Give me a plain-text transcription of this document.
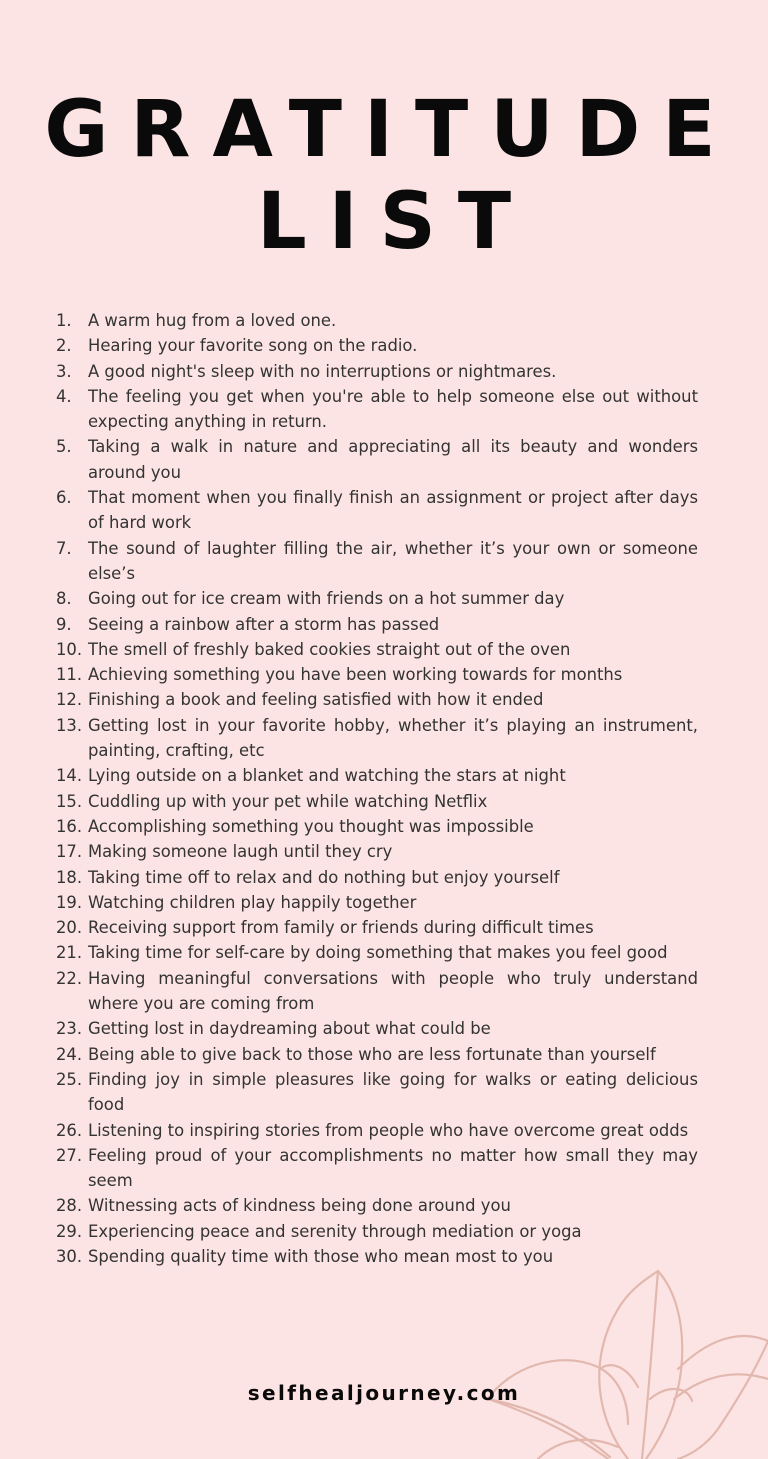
GRATITUDE
LIST
1. A warm hug from a loved one.
2. Hearing your favorite song on the radio.
3. A good night's sleep with no interruptions or nightmares.
4. The feeling you get when you're able to help someone else out without expecting anything in return.
5. Taking a walk in nature and appreciating all its beauty and wonders around you
6. That moment when you finally finish an assignment or project after days of hard work
7. The sound of laughter filling the air, whether it’s your own or someone else’s
8. Going out for ice cream with friends on a hot summer day
9. Seeing a rainbow after a storm has passed
10. The smell of freshly baked cookies straight out of the oven
11. Achieving something you have been working towards for months
12. Finishing a book and feeling satisfied with how it ended
13. Getting lost in your favorite hobby, whether it’s playing an instrument, painting, crafting, etc
14. Lying outside on a blanket and watching the stars at night
15. Cuddling up with your pet while watching Netflix
16. Accomplishing something you thought was impossible
17. Making someone laugh until they cry
18. Taking time off to relax and do nothing but enjoy yourself
19. Watching children play happily together
20. Receiving support from family or friends during difficult times
21. Taking time for self-care by doing something that makes you feel good
22. Having meaningful conversations with people who truly understand where you are coming from
23. Getting lost in daydreaming about what could be
24. Being able to give back to those who are less fortunate than yourself
25. Finding joy in simple pleasures like going for walks or eating delicious food
26. Listening to inspiring stories from people who have overcome great odds
27. Feeling proud of your accomplishments no matter how small they may seem
28. Witnessing acts of kindness being done around you
29. Experiencing peace and serenity through mediation or yoga
30. Spending quality time with those who mean most to you
selfhealjourney.com
